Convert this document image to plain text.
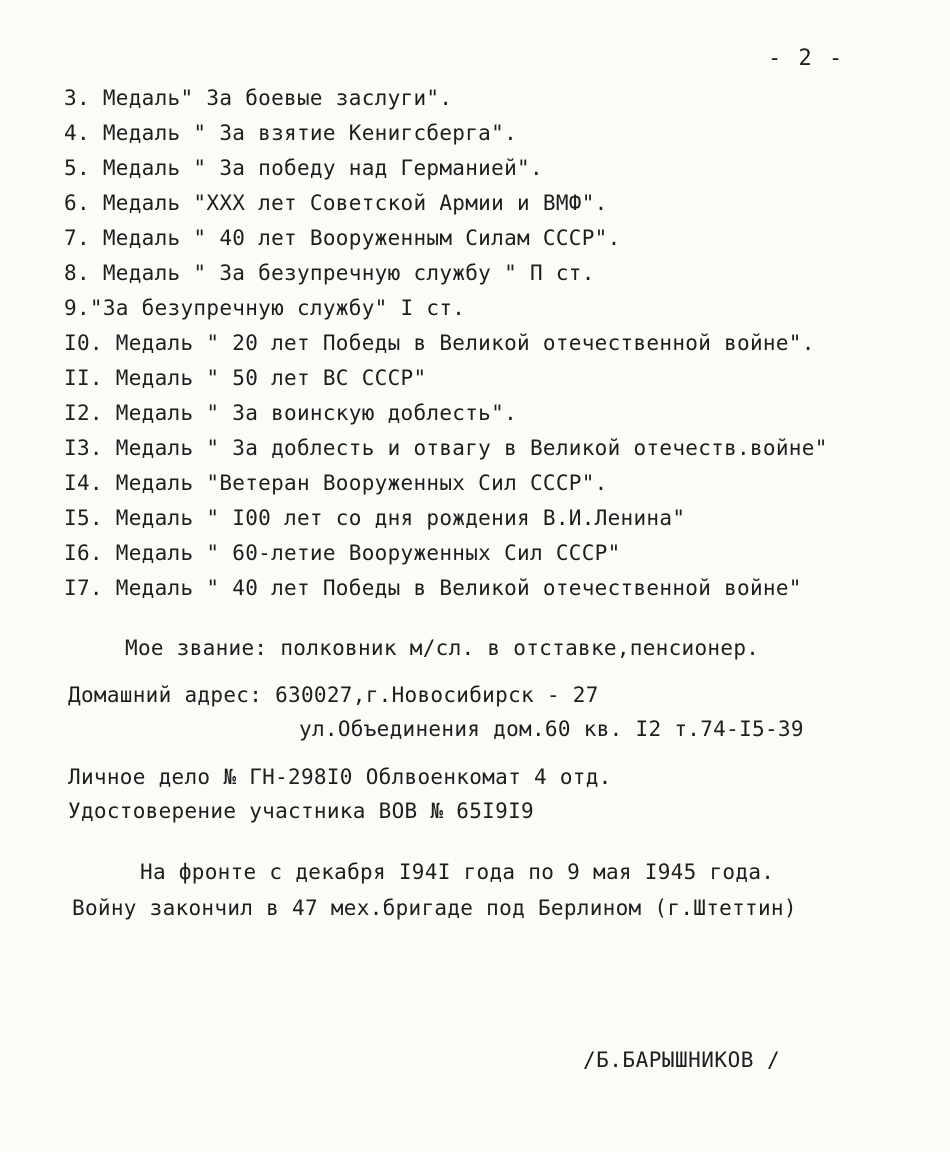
- 2 -
3. Медаль" За боевые заслуги".
4. Медаль " За взятие Кенигсберга".
5. Медаль " За победу над Германией".
6. Медаль "ХХХ лет Советской Армии и ВМФ".
7. Медаль " 40 лет Вооруженным Силам СССР".
8. Медаль " За безупречную службу " П ст.
9."За безупречную службу" I ст.
I0. Медаль " 20 лет Победы в Великой отечественной войне".
II. Медаль " 50 лет ВС СССР"
I2. Медаль " За воинскую доблесть".
I3. Медаль " За доблесть и отвагу в Великой отечеств.войне"
I4. Медаль "Ветеран Вооруженных Сил СССР".
I5. Медаль " I00 лет со дня рождения В.И.Ленина"
I6. Медаль " 60-летие Вооруженных Сил СССР"
I7. Медаль " 40 лет Победы в Великой отечественной войне"
Мое звание: полковник м/сл. в отставке,пенсионер.
Домашний адрес: 630027,г.Новосибирск - 27
ул.Объединения дом.60 кв. I2 т.74-I5-39
Личное дело № ГН-298I0 Облвоенкомат 4 отд.
Удостоверение участника ВОВ № 65I9I9
На фронте с декабря I94I года по 9 мая I945 года.
Войну закончил в 47 мех.бригаде под Берлином (г.Штеттин)
/Б.БАРЫШНИКОВ /
